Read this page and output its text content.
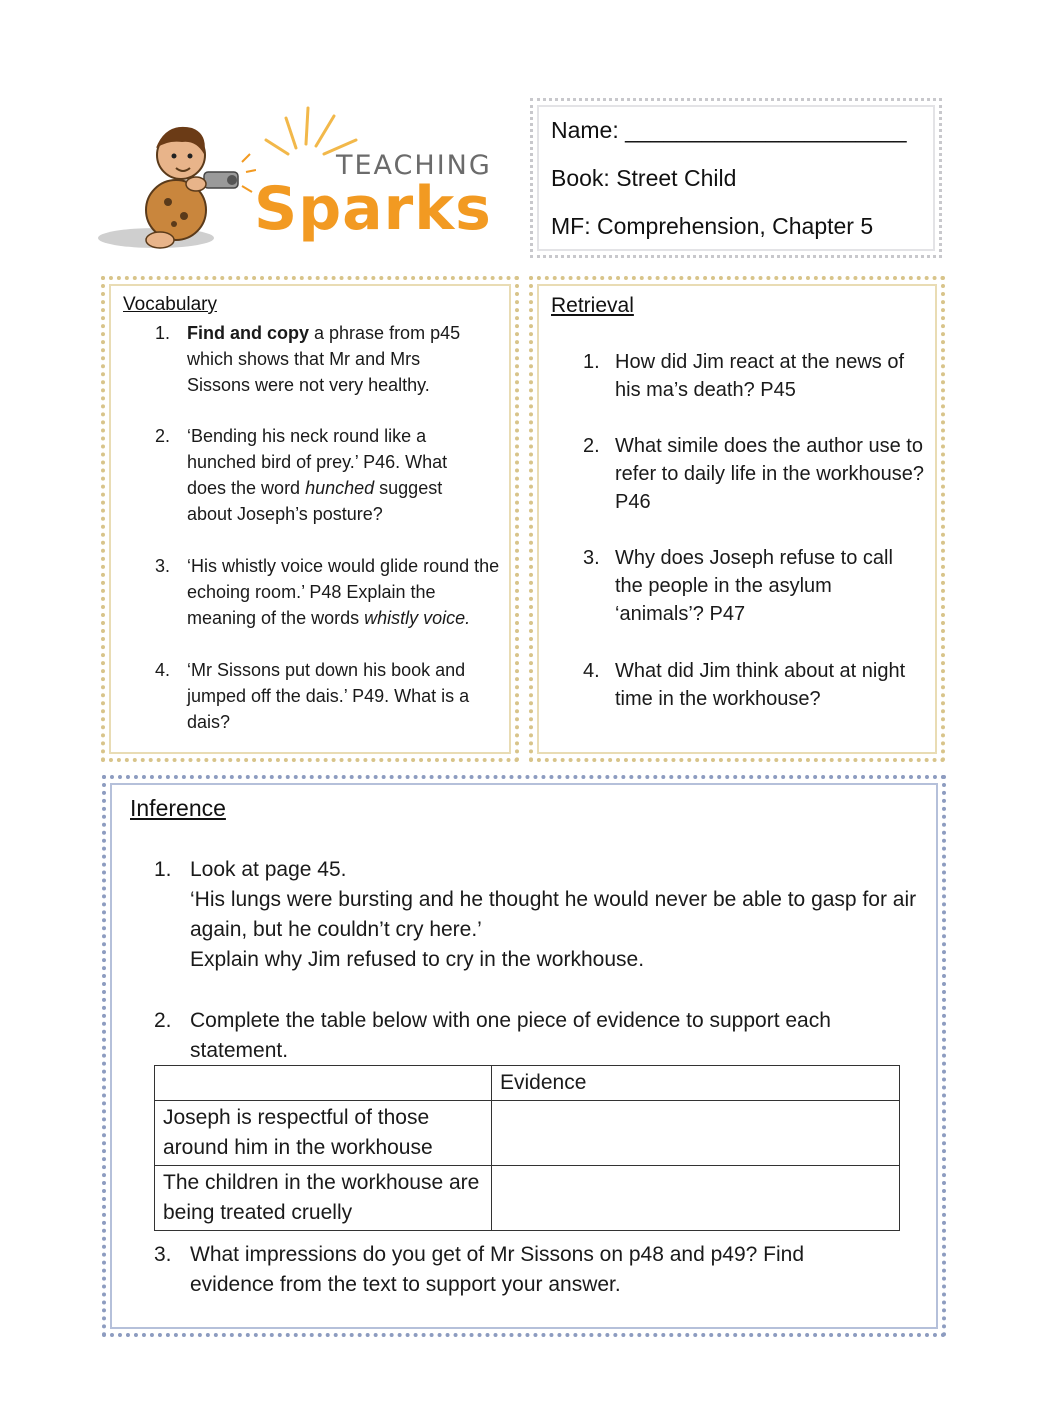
TEACHING
Sparks
Name: ______________________
Book: Street Child
MF: Comprehension, Chapter 5
Vocabulary
1. Find and copy a phrase from p45 which shows that Mr and Mrs Sissons were not very healthy.
2. ‘Bending his neck round like a hunched bird of prey.’ P46. What does the word hunched suggest about Joseph’s posture?
3. ‘His whistly voice would glide round the echoing room.’ P48 Explain the meaning of the words whistly voice.
4. ‘Mr Sissons put down his book and jumped off the dais.’ P49. What is a dais?
Retrieval
1. How did Jim react at the news of his ma’s death? P45
2. What simile does the author use to refer to daily life in the workhouse? P46
3. Why does Joseph refuse to call the people in the asylum ‘animals’? P47
4. What did Jim think about at night time in the workhouse?
Inference
1. Look at page 45.
‘His lungs were bursting and he thought he would never be able to gasp for air again, but he couldn’t cry here.’
Explain why Jim refused to cry in the workhouse.
2. Complete the table below with one piece of evidence to support each statement.
	Evidence
Joseph is respectful of those around him in the workhouse	
The children in the workhouse are being treated cruelly	
3. What impressions do you get of Mr Sissons on p48 and p49? Find evidence from the text to support your answer.
